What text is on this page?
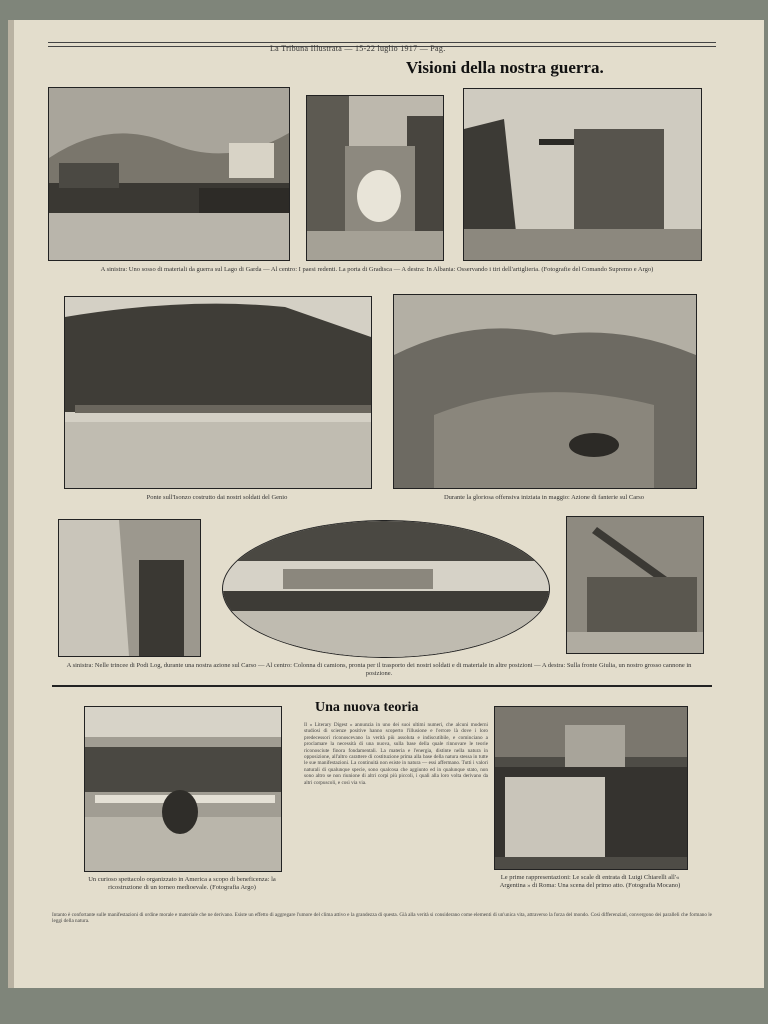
La Tribuna Illustrata — 15-22 luglio 1917 — Pag.
Visioni della nostra guerra.
A sinistra: Uno sosso di materiali da guerra sul Lago di Garda — Al centro: I paesi redenti. La porta di Gradisca — A destra: In Albania: Osservando i tiri dell'artiglieria. (Fotografie del Comando Supremo e Argo)
Ponte sull'Isonzo costrutto dai nostri soldati del Genio	Durante la gloriosa offensiva iniziata in maggio: Azione di fanterie sul Carso
A sinistra: Nelle trincee di Podi Log, durante una nostra azione sul Carso — Al centro: Colonna di camions, pronta per il trasporto dei nostri soldati e di materiale in altre posizioni — A destra: Sulla fronte Giulia, un nostro grosso cannone in posizione.
Un curioso spettacolo organizzato in America a scopo di beneficenza: la ricostruzione di un torneo medioevale. (Fotografia Argo)
Una nuova teoria
Il « Literary Digest » annunzia in uno dei suoi ultimi numeri, che alcuni moderni studiosi di scienze positive hanno scoperto l'illusione e l'errore là dove i loro predecessori riconoscevano la verità più assoluta e indiscutibile, e cominciano a proclamare la necessità di una nuova, sulla base della quale rinnovare le teorie riconosciute finora fondamentali. La materia e l'energia, distinte nella natura in opposizione, all'altro carattere di costituzione prima alla base della natura stessa in tutte le sue manifestazioni. La continuità non esiste in natura — essi affermano. Tutti i valori naturali di qualunque specie, sono qualcosa che aggiunto ed in qualunque stato, non sono altro se non riunione di altri corpi più piccoli, i quali alla loro volta derivano da altri corpuscoli, e così via via.
Le prime rappresentazioni: Le scale di entrata di Luigi Chiarelli all'« Argentina » di Roma: Una scena del primo atto. (Fotografia Mocano)
Intanto è confortante sulle manifestazioni di ordine morale e materiale che ne derivano. Esiste un effetto di aggregare l'umore del clima attivo e la grandezza di questa. Già alla verità si considerano come elementi di un'unica vita, attraverso la forza del mondo. Così differenziati, convergono dei paralleli che formano le leggi della natura.
